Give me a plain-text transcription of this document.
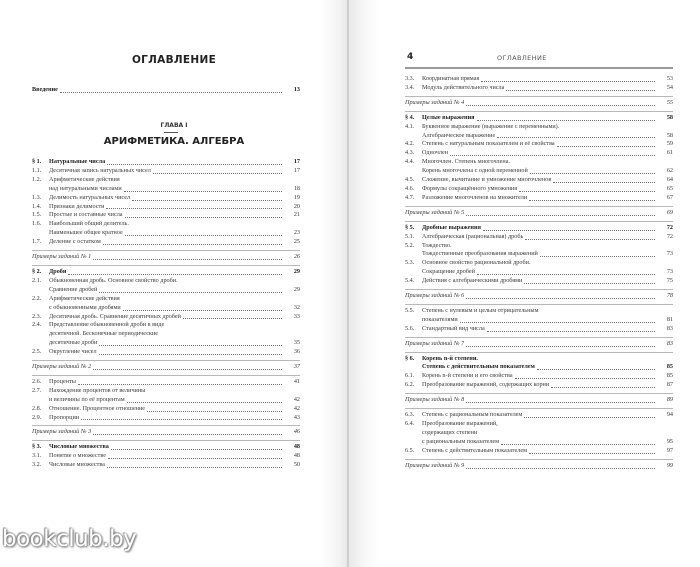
ОГЛАВЛЕНИЕ
Введение	13
ГЛАВА I
АРИФМЕТИКА. АЛГЕБРА
§ 1.	Натуральные числа	17
1.1.	Десятичная запись натуральных чисел	17
1.2.	Арифметические действия
над натуральными числами	18
1.3.	Делимость натуральных чисел	19
1.4.	Признаки делимости	20
1.5.	Простые и составные числа	21
1.6.	Наибольший общий делитель.
Наименьшее общее кратное	23
1.7.	Деление с остатком	25
Примеры заданий № 1	26
§ 2.	Дроби	29
2.1.	Обыкновенная дробь. Основное свойство дроби.
Сравнение дробей	29
2.2.	Арифметические действия
с обыкновенными дробями	32
2.3.	Десятичная дробь. Сравнение десятичных дробей	33
2.4.	Представление обыкновенной дроби в виде
десятичной. Бесконечные периодические
десятичные дроби	35
2.5.	Округление чисел	36
Примеры заданий № 2	37
2.6.	Проценты	41
2.7.	Нахождение процентов от величины
и величины по её процентам	42
2.8.	Отношение. Процентное отношение	42
2.9.	Пропорции	43
Примеры заданий № 3	46
§ 3.	Числовые множества	48
3.1.	Понятие о множестве	48
3.2.	Числовые множества	50
4	ОГЛАВЛЕНИЕ
3.3.	Координатная прямая	53
3.4.	Модуль действительного числа	54
Примеры заданий № 4	55
§ 4.	Целые выражения	58
4.1.	Буквенное выражение (выражение с переменными).
Алгебраическое выражение	58
4.2.	Степень с натуральным показателем и её свойства	59
4.3.	Одночлен	61
4.4.	Многочлен. Степень многочлена.
Корень многочлена с одной переменной	62
4.5.	Сложение, вычитание и умножение многочленов	64
4.6.	Формулы сокращённого умножения	65
4.7.	Разложение многочленов на множители	67
Примеры заданий № 5	69
§ 5.	Дробные выражения	72
5.1.	Алгебраическая (рациональная) дробь	72
5.2.	Тождество.
Тождественные преобразования выражений	73
5.3.	Основное свойство рациональной дроби.
Сокращение дробей	73
5.4.	Действия с алгебраическими дробями	75
Примеры заданий № 6	78
5.5.	Степень с нулевым и целым отрицательным
показателями	81
5.6.	Стандартный вид числа	83
Примеры заданий № 7	83
§ 6.	Корень n-й степени.
Степень с действительным показателем	85
6.1.	Корень n-й степени и его свойства	85
6.2.	Преобразование выражений, содержащих корни	87
Примеры заданий № 8	89
6.3.	Степень с рациональным показателем	94
6.4.	Преобразование выражений,
содержащих степени
с рациональным показателем	95
6.5.	Степень с действительным показателем	97
Примеры заданий № 9	99
bookclub.by
